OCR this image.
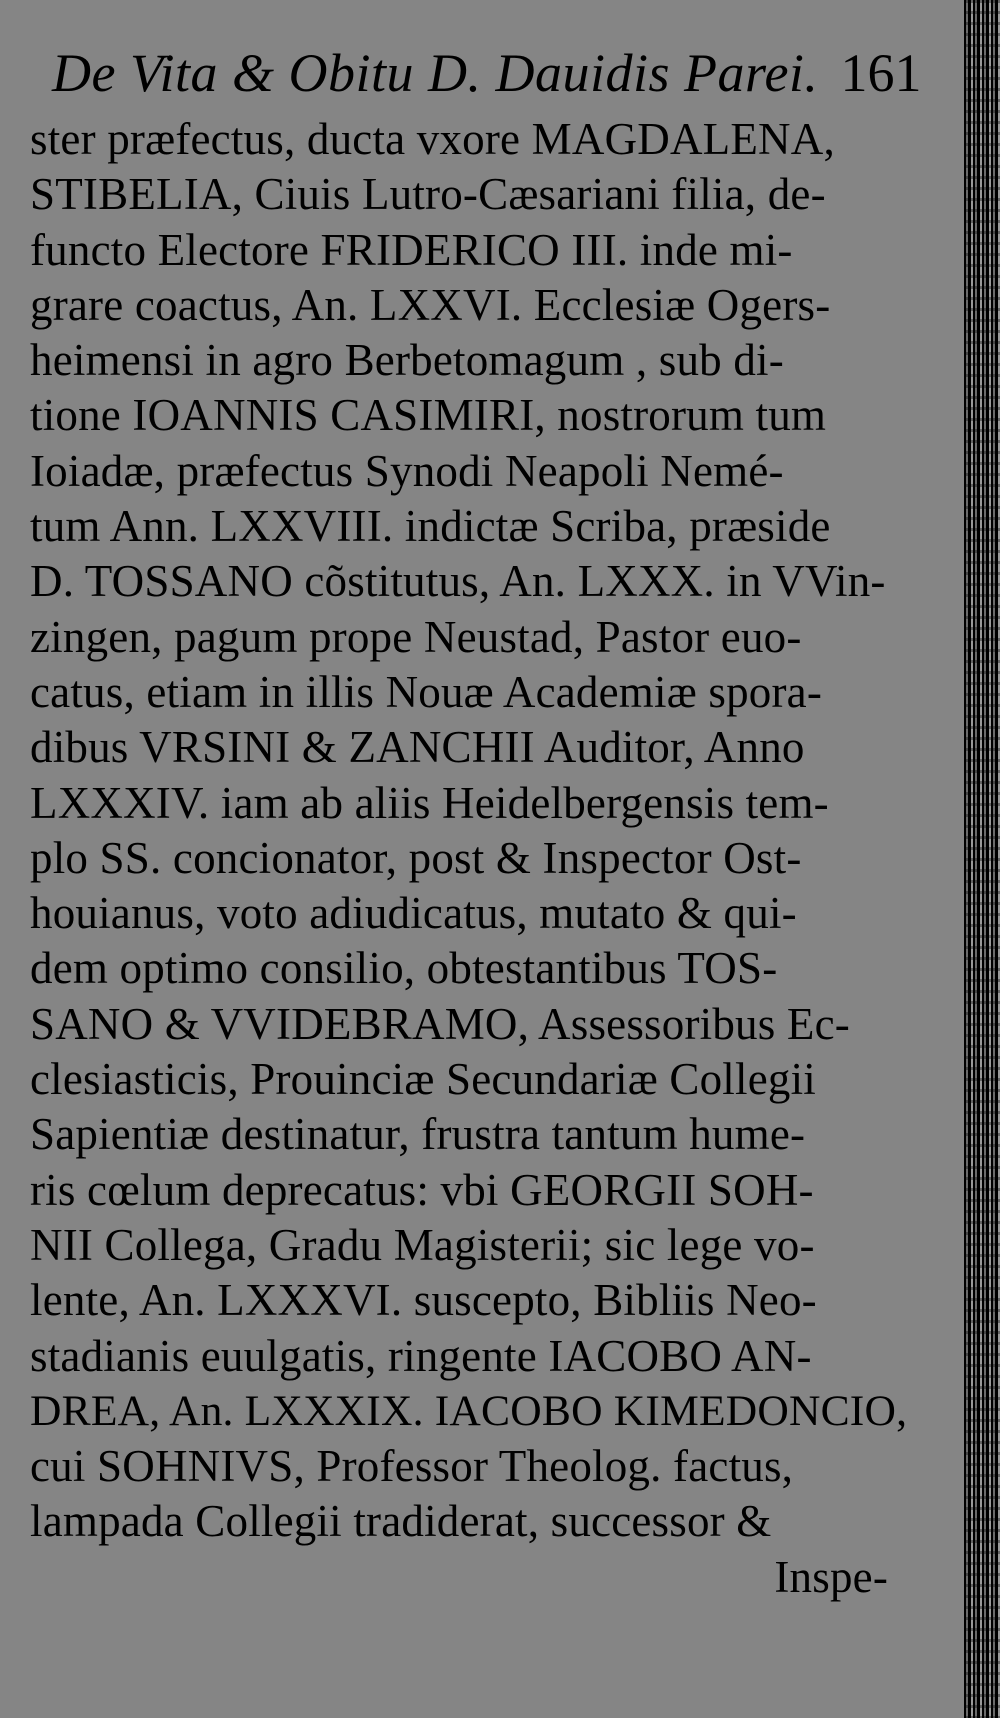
De Vita & Obitu D. Dauidis Parei. 161
ster præfectus, ducta vxore MAGDALENA,
STIBELIA, Ciuis Lutro-Cæsariani filia, de-
functo Electore FRIDERICO III. inde mi-
grare coactus, An. LXXVI. Ecclesiæ Ogers-
heimensi in agro Berbetomagum , sub di-
tione IOANNIS CASIMIRI, nostrorum tum
Ioiadæ, præfectus Synodi Neapoli Nemé-
tum Ann. LXXVIII. indictæ Scriba, præside
D. TOSSANO cõstitutus, An. LXXX. in VVin-
zingen, pagum prope Neustad, Pastor euo-
catus, etiam in illis Nouæ Academiæ spora-
dibus VRSINI & ZANCHII Auditor, Anno
LXXXIV. iam ab aliis Heidelbergensis tem-
plo SS. concionator, post & Inspector Ost-
houianus, voto adiudicatus, mutato & qui-
dem optimo consilio, obtestantibus TOS-
SANO & VVIDEBRAMO, Assessoribus Ec-
clesiasticis, Prouinciæ Secundariæ Collegii
Sapientiæ destinatur, frustra tantum hume-
ris cœlum deprecatus: vbi GEORGII SOH-
NII Collega, Gradu Magisterii; sic lege vo-
lente, An. LXXXVI. suscepto, Bibliis Neo-
stadianis euulgatis, ringente IACOBO AN-
DREA, An. LXXXIX. IACOBO KIMEDONCIO,
cui SOHNIVS, Professor Theolog. factus,
lampada Collegii tradiderat, successor &
Inspe-
